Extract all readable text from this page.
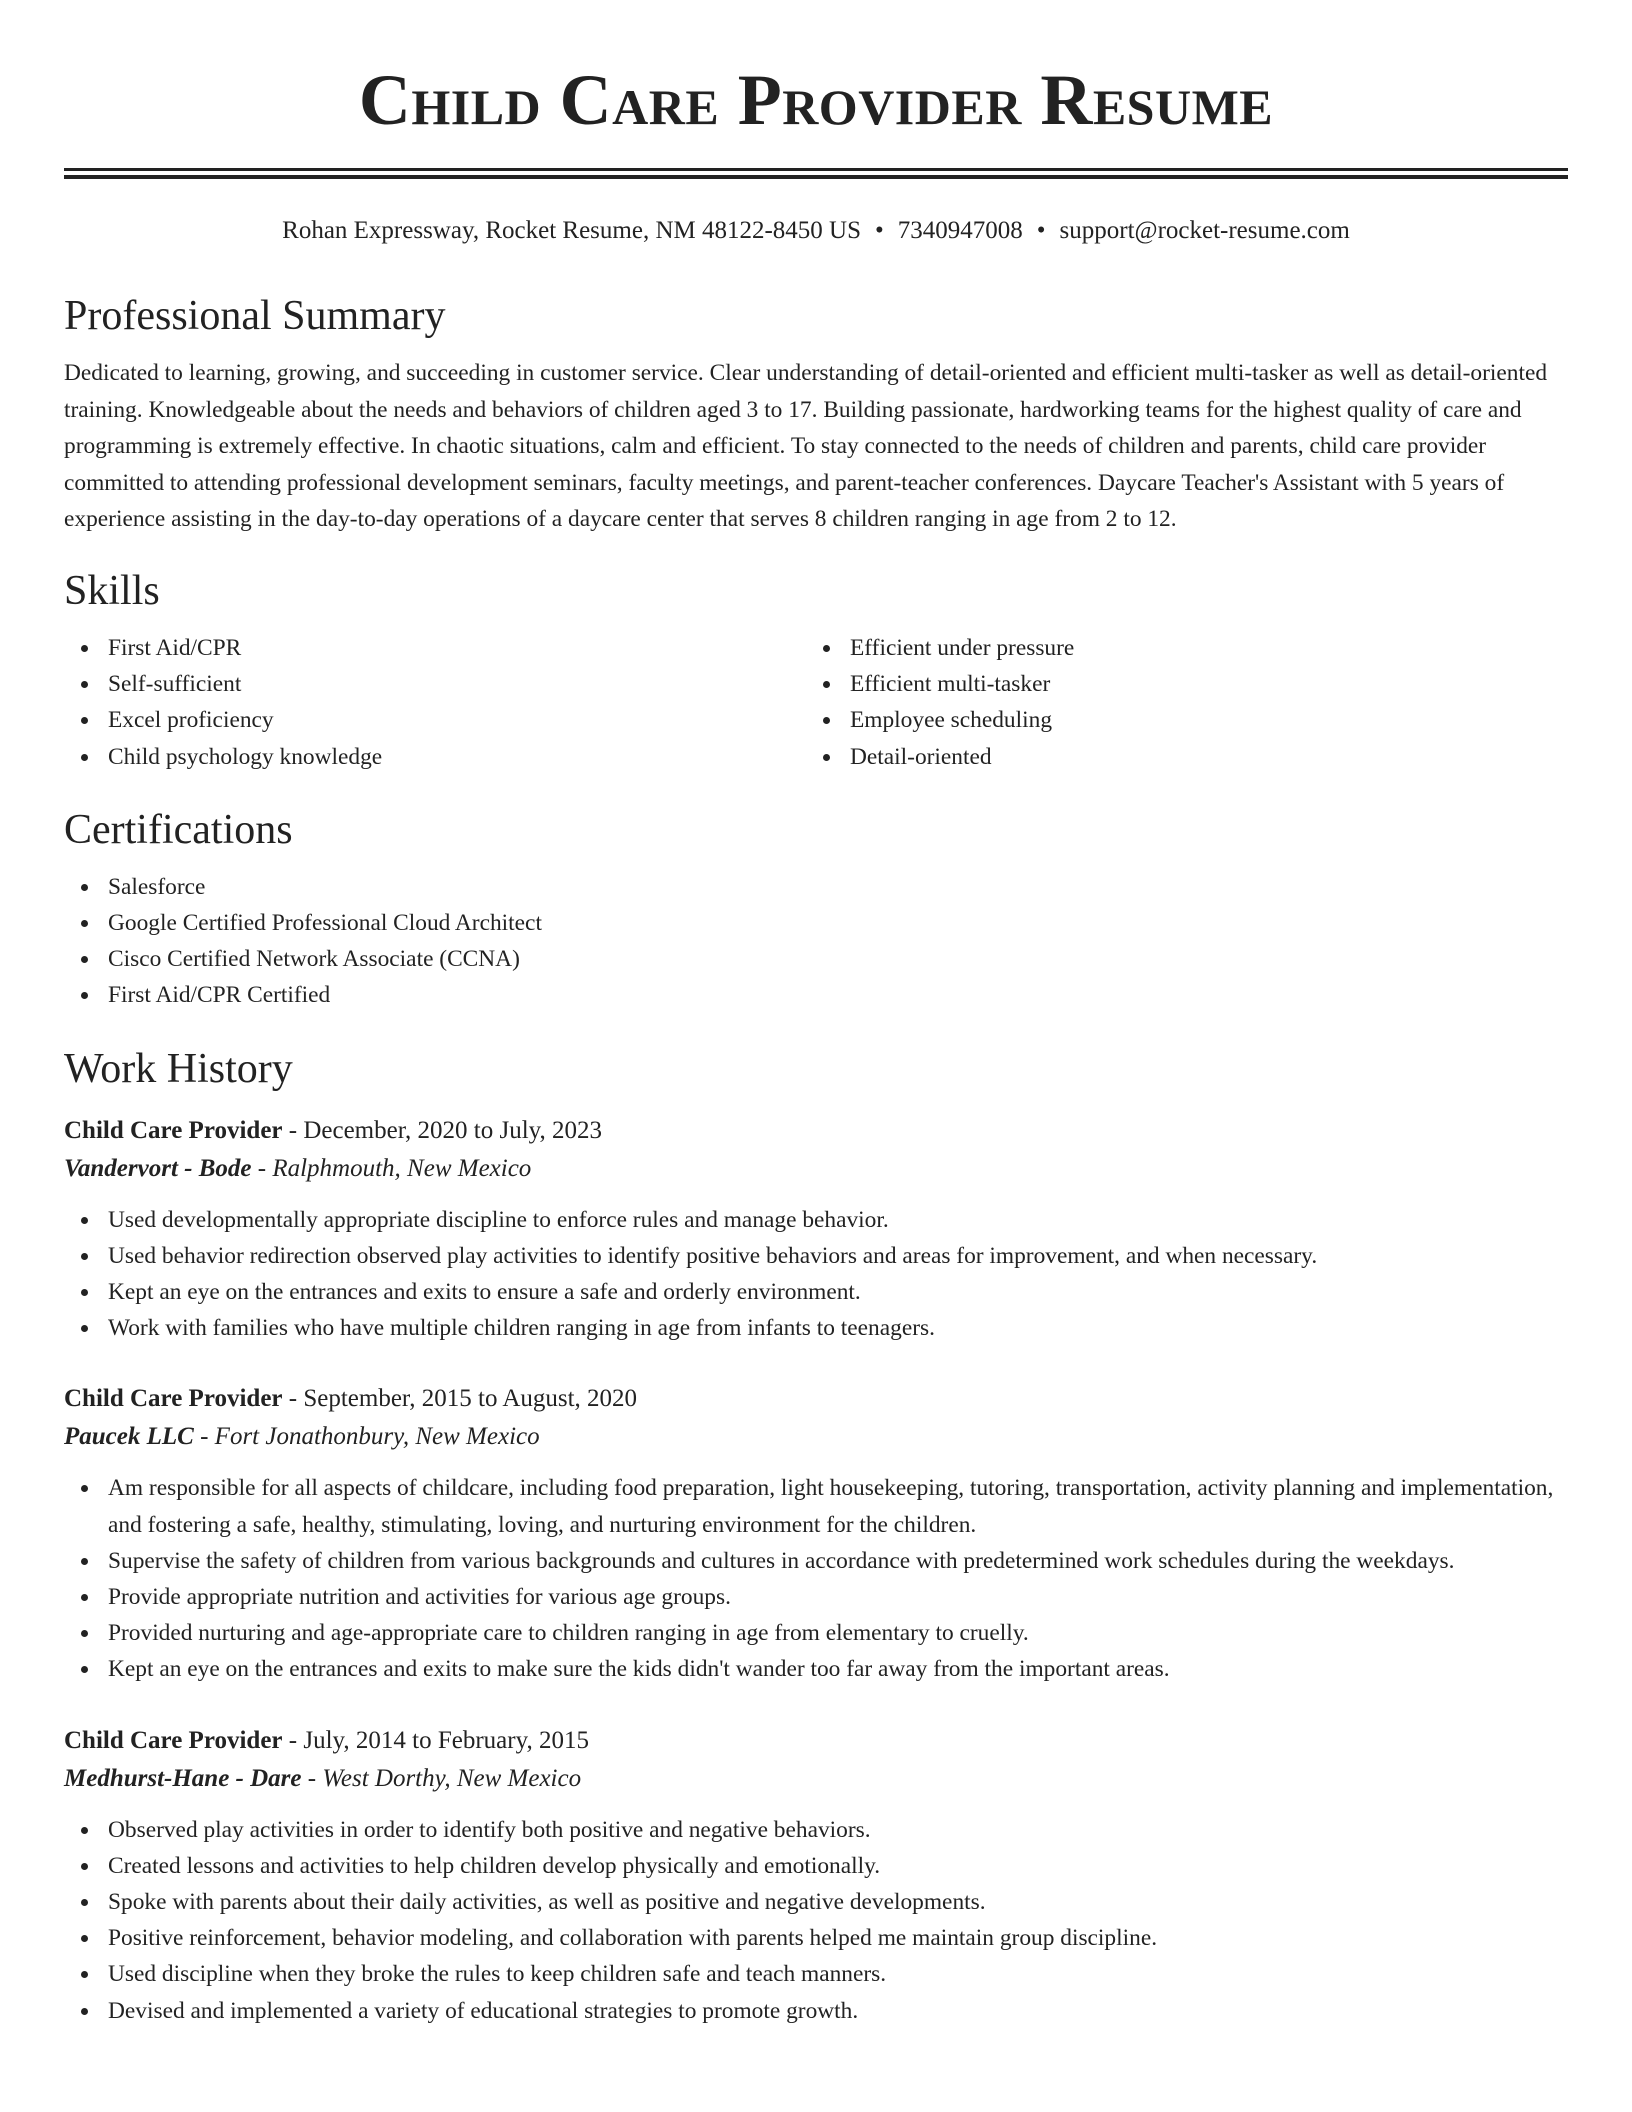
Child Care Provider Resume
Rohan Expressway, Rocket Resume, NM 48122-8450 US • 7340947008 • support@rocket-resume.com
Professional Summary

Dedicated to learning, growing, and succeeding in customer service. Clear understanding of detail-oriented and efficient multi-tasker as well as detail-oriented training. Knowledgeable about the needs and behaviors of children aged 3 to 17. Building passionate, hardworking teams for the highest quality of care and programming is extremely effective. In chaotic situations, calm and efficient. To stay connected to the needs of children and parents, child care provider committed to attending professional development seminars, faculty meetings, and parent-teacher conferences. Daycare Teacher's Assistant with 5 years of experience assisting in the day-to-day operations of a daycare center that serves 8 children ranging in age from 2 to 12.

Skills
First Aid/CPR
Self-sufficient
Excel proficiency
Child psychology knowledge
Efficient under pressure
Efficient multi-tasker
Employee scheduling
Detail-oriented
Certifications
Salesforce
Google Certified Professional Cloud Architect
Cisco Certified Network Associate (CCNA)
First Aid/CPR Certified
Work History
Child Care Provider - December, 2020 to July, 2023
Vandervort - Bode - Ralphmouth, New Mexico
Used developmentally appropriate discipline to enforce rules and manage behavior.
Used behavior redirection observed play activities to identify positive behaviors and areas for improvement, and when necessary.
Kept an eye on the entrances and exits to ensure a safe and orderly environment.
Work with families who have multiple children ranging in age from infants to teenagers.
Child Care Provider - September, 2015 to August, 2020
Paucek LLC - Fort Jonathonbury, New Mexico
Am responsible for all aspects of childcare, including food preparation, light housekeeping, tutoring, transportation, activity planning and implementation, and fostering a safe, healthy, stimulating, loving, and nurturing environment for the children.
Supervise the safety of children from various backgrounds and cultures in accordance with predetermined work schedules during the weekdays.
Provide appropriate nutrition and activities for various age groups.
Provided nurturing and age-appropriate care to children ranging in age from elementary to cruelly.
Kept an eye on the entrances and exits to make sure the kids didn't wander too far away from the important areas.
Child Care Provider - July, 2014 to February, 2015
Medhurst-Hane - Dare - West Dorthy, New Mexico
Observed play activities in order to identify both positive and negative behaviors.
Created lessons and activities to help children develop physically and emotionally.
Spoke with parents about their daily activities, as well as positive and negative developments.
Positive reinforcement, behavior modeling, and collaboration with parents helped me maintain group discipline.
Used discipline when they broke the rules to keep children safe and teach manners.
Devised and implemented a variety of educational strategies to promote growth.
